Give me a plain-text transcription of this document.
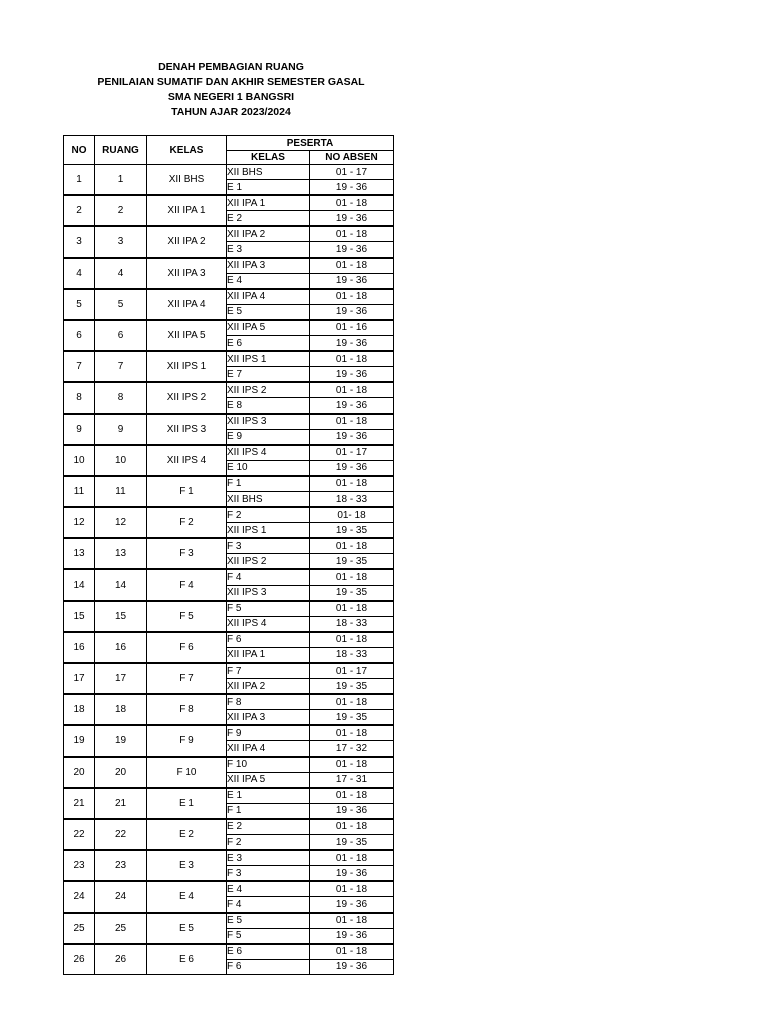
DENAH PEMBAGIAN RUANG
PENILAIAN SUMATIF DAN AKHIR SEMESTER GASAL
SMA NEGERI 1 BANGSRI
TAHUN AJAR 2023/2024
NO	RUANG	KELAS	PESERTA	
			KELAS	NO ABSEN
1	1	XII BHS	XII BHS	01 - 17
			E 1	19 - 36
2	2	XII IPA 1	XII IPA 1	01 - 18
			E 2	19 - 36
3	3	XII IPA 2	XII IPA 2	01 - 18
			E 3	19 - 36
4	4	XII IPA 3	XII IPA 3	01 - 18
			E 4	19 - 36
5	5	XII IPA 4	XII IPA 4	01 - 18
			E 5	19 - 36
6	6	XII IPA 5	XII IPA 5	01 - 16
			E 6	19 - 36
7	7	XII IPS 1	XII IPS 1	01 - 18
			E 7	19 - 36
8	8	XII IPS 2	XII IPS 2	01 - 18
			E 8	19 - 36
9	9	XII IPS 3	XII IPS 3	01 - 18
			E 9	19 - 36
10	10	XII IPS 4	XII IPS 4	01 - 17
			E 10	19 - 36
11	11	F 1	F 1	01 - 18
			XII BHS	18 - 33
12	12	F 2	F 2	01- 18
			XII IPS 1	19 - 35
13	13	F 3	F 3	01 - 18
			XII IPS 2	19 - 35
14	14	F 4	F 4	01 - 18
			XII IPS 3	19 - 35
15	15	F 5	F 5	01 - 18
			XII IPS 4	18 - 33
16	16	F 6	F 6	01 - 18
			XII IPA 1	18 - 33
17	17	F 7	F 7	01 - 17
			XII IPA 2	19 - 35
18	18	F 8	F 8	01 - 18
			XII IPA 3	19 - 35
19	19	F 9	F 9	01 - 18
			XII IPA 4	17 - 32
20	20	F 10	F 10	01 - 18
			XII IPA 5	17 - 31
21	21	E 1	E 1	01 - 18
			F 1	19 - 36
22	22	E 2	E 2	01 - 18
			F 2	19 - 35
23	23	E 3	E 3	01 - 18
			F 3	19 - 36
24	24	E 4	E 4	01 - 18
			F 4	19 - 36
25	25	E 5	E 5	01 - 18
			F 5	19 - 36
26	26	E 6	E 6	01 - 18
			F 6	19 - 36
